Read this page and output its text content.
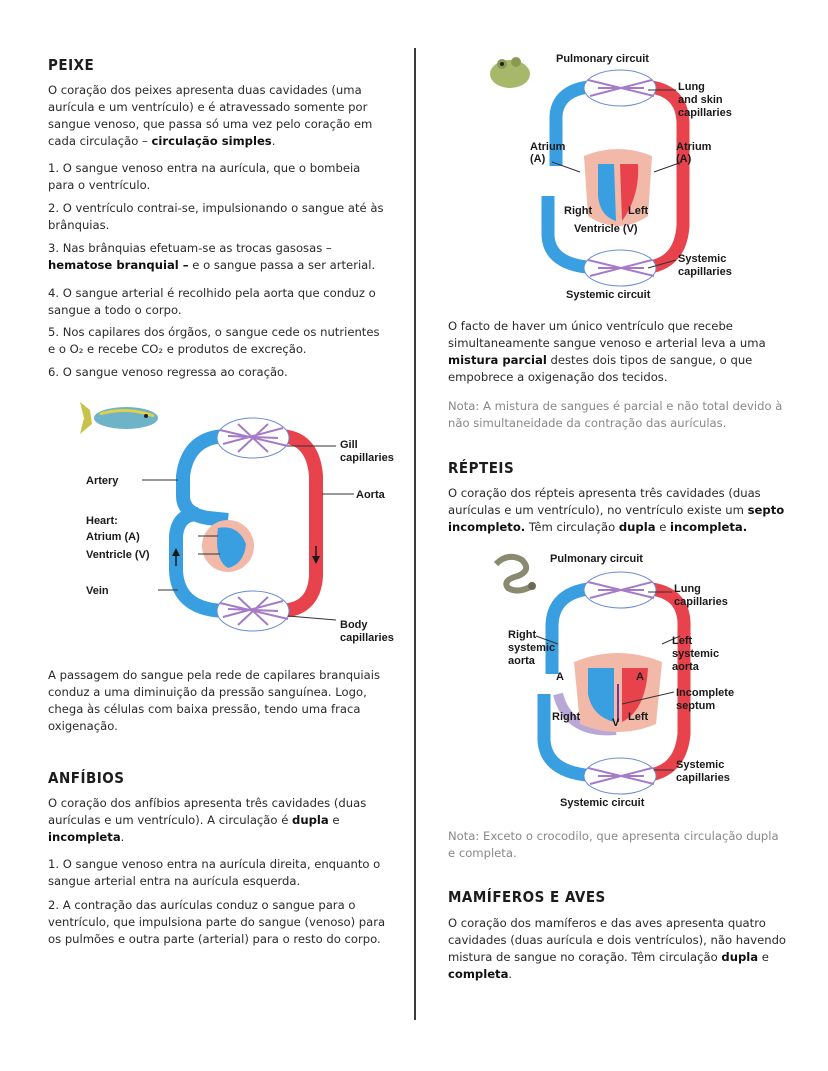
PEIXE

O coração dos peixes apresenta duas cavidades (uma aurícula e um ventrículo) e é atravessado somente por sangue venoso, que passa só uma vez pelo coração em cada circulação – circulação simples.

1. O sangue venoso entra na aurícula, que o bombeia para o ventrículo.

2. O ventrículo contrai-se, impulsionando o sangue até às brânquias.

3. Nas brânquias efetuam-se as trocas gasosas – hematose branquial – e o sangue passa a ser arterial.

4. O sangue arterial é recolhido pela aorta que conduz o sangue a todo o corpo.

5. Nos capilares dos órgãos, o sangue cede os nutrientes e o O₂ e recebe CO₂ e produtos de excreção.

6. O sangue venoso regressa ao coração.

Gill
capillaries
Artery
Aorta
Heart:
Atrium (A)
Ventricle (V)
Vein
Body
capillaries

A passagem do sangue pela rede de capilares branquiais conduz a uma diminuição da pressão sanguínea. Logo, chega às células com baixa pressão, tendo uma fraca oxigenação.

ANFÍBIOS

O coração dos anfíbios apresenta três cavidades (duas aurículas e um ventrículo). A circulação é dupla e incompleta.

1. O sangue venoso entra na aurícula direita, enquanto o sangue arterial entra na aurícula esquerda.

2. A contração das aurículas conduz o sangue para o ventrículo, que impulsiona parte do sangue (venoso) para os pulmões e outra parte (arterial) para o resto do corpo.

Pulmonary circuit
Lung
and skin
capillaries
Atrium
(A)
Atrium
(A)
Right	Left
Ventricle (V)
Systemic
capillaries
Systemic circuit

O facto de haver um único ventrículo que recebe simultaneamente sangue venoso e arterial leva a uma mistura parcial destes dois tipos de sangue, o que empobrece a oxigenação dos tecidos.

Nota: A mistura de sangues é parcial e não total devido à não simultaneidade da contração das aurículas.

RÉPTEIS

O coração dos répteis apresenta três cavidades (duas aurículas e um ventrículo), no ventrículo existe um septo incompleto. Têm circulação dupla e incompleta.

Pulmonary circuit
Lung
capillaries
Right
systemic
aorta
Left
systemic
aorta
A	A
Incomplete
septum
Right	V Left
Systemic
capillaries
Systemic circuit

Nota: Exceto o crocodilo, que apresenta circulação dupla e completa.

MAMÍFEROS E AVES

O coração dos mamíferos e das aves apresenta quatro cavidades (duas aurícula e dois ventrículos), não havendo mistura de sangue no coração. Têm circulação dupla e completa.
